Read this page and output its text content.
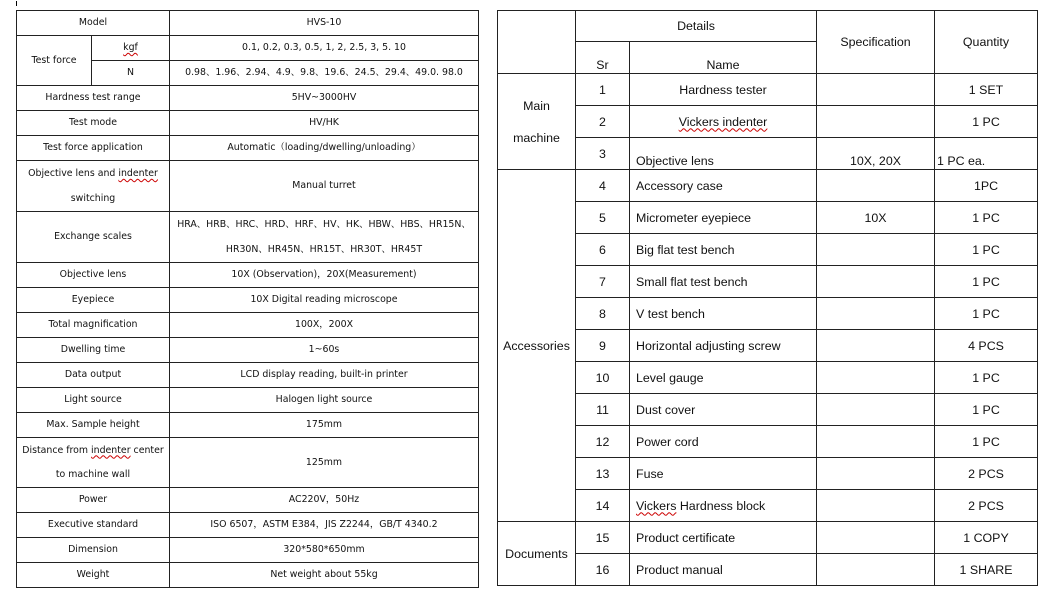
Model		HVS-10
Test force	kgf	0.1, 0.2, 0.3, 0.5, 1, 2, 2.5, 3, 5. 10
	N	0.98、1.96、2.94、4.9、9.8、19.6、24.5、29.4、49.0. 98.0
Hardness test range		5HV~3000HV
Test mode		HV/HK
Test force application		Automatic（loading/dwelling/unloading）
Objective lens and indenter switching		Manual turret
Exchange scales		HRA、HRB、HRC、HRD、HRF、HV、HK、HBW、HBS、HR15N、 HR30N、HR45N、HR15T、HR30T、HR45T
Objective lens		10X (Observation)，20X(Measurement)
Eyepiece		10X Digital reading microscope
Total magnification		100X，200X
Dwelling time		1~60s
Data output		LCD display reading, built-in printer
Light source		Halogen light source
Max. Sample height		175mm
Distance from indenter center to machine wall		125mm
Power		AC220V，50Hz
Executive standard		ISO 6507，ASTM E384，JIS Z2244，GB/T 4340.2
Dimension		320*580*650mm
Weight		Net weight about 55kg
	Details		Specification	Quantity
	Sr	Name		
Main
machine	1	Hardness tester		1 SET
	2	Vickers indenter		1 PC
	3	Objective lens	10X, 20X	1 PC ea.
Accessories	4	Accessory case		1PC
	5	Micrometer eyepiece	10X	1 PC
	6	Big flat test bench		1 PC
	7	Small flat test bench		1 PC
	8	V test bench		1 PC
	9	Horizontal adjusting screw		4 PCS
	10	Level gauge		1 PC
	11	Dust cover		1 PC
	12	Power cord		1 PC
	13	Fuse		2 PCS
	14	Vickers Hardness block		2 PCS
Documents	15	Product certificate		1 COPY
	16	Product manual		1 SHARE
